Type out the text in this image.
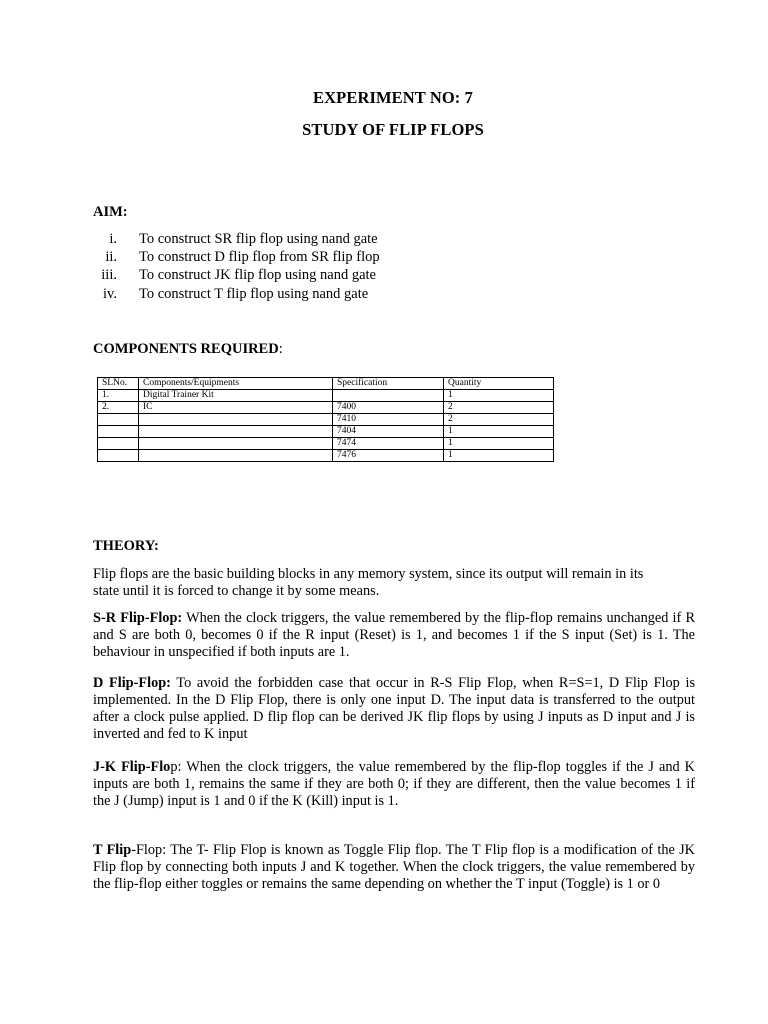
EXPERIMENT NO: 7
STUDY OF FLIP FLOPS
AIM:
i. To construct SR flip flop using nand gate
ii. To construct D flip flop from SR flip flop
iii. To construct JK flip flop using nand gate
iv. To construct T flip flop using nand gate
COMPONENTS REQUIRED:
SLNo.	Components/Equipments	Specification	Quantity
1.	Digital Trainer Kit		1
2.	IC	7400	2
		7410	2
		7404	1
		7474	1
		7476	1
THEORY:
Flip flops are the basic building blocks in any memory system, since its output will remain in its state until it is forced to change it by some means.
S-R Flip-Flop: When the clock triggers, the value remembered by the flip-flop remains unchanged if R and S are both 0, becomes 0 if the R input (Reset) is 1, and becomes 1 if the S input (Set) is 1. The behaviour in unspecified if both inputs are 1.
D Flip-Flop: To avoid the forbidden case that occur in R-S Flip Flop, when R=S=1, D Flip Flop is implemented. In the D Flip Flop, there is only one input D. The input data is transferred to the output after a clock pulse applied. D flip flop can be derived JK flip flops by using J inputs as D input and J is inverted and fed to K input
J-K Flip-Flop: When the clock triggers, the value remembered by the flip-flop toggles if the J and K inputs are both 1, remains the same if they are both 0; if they are different, then the value becomes 1 if the J (Jump) input is 1 and 0 if the K (Kill) input is 1.
T Flip-Flop: The T- Flip Flop is known as Toggle Flip flop. The T Flip flop is a modification of the JK Flip flop by connecting both inputs J and K together. When the clock triggers, the value remembered by the flip-flop either toggles or remains the same depending on whether the T input (Toggle) is 1 or 0
